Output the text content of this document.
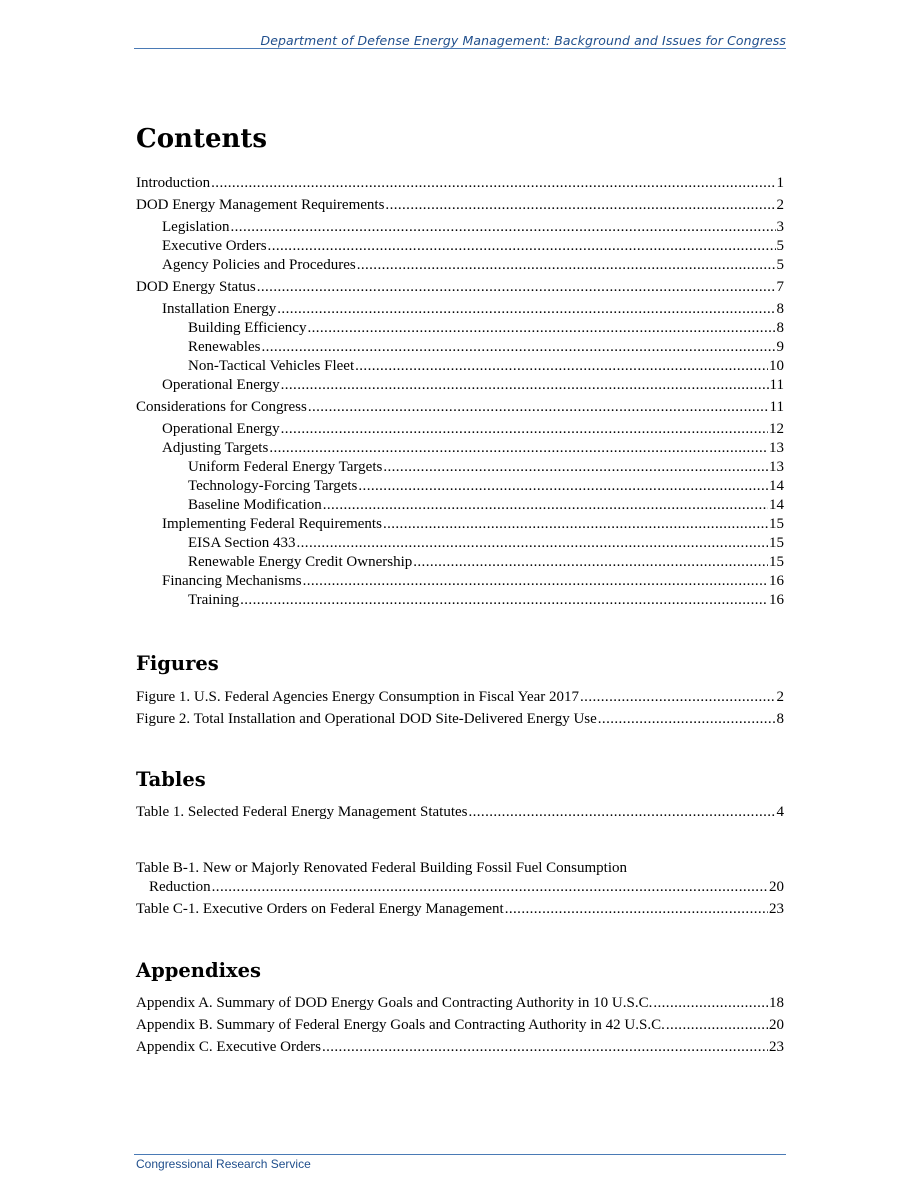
Department of Defense Energy Management: Background and Issues for Congress
Contents
Introduction .....	1
DOD Energy Management Requirements .....	2
Legislation .....	3
Executive Orders .....	5
Agency Policies and Procedures .....	5
DOD Energy Status .....	7
Installation Energy .....	8
Building Efficiency .....	8
Renewables .....	9
Non-Tactical Vehicles Fleet .....	10
Operational Energy .....	11
Considerations for Congress .....	11
Operational Energy .....	12
Adjusting Targets .....	13
Uniform Federal Energy Targets .....	13
Technology-Forcing Targets .....	14
Baseline Modification .....	14
Implementing Federal Requirements .....	15
EISA Section 433 .....	15
Renewable Energy Credit Ownership .....	15
Financing Mechanisms .....	16
Training .....	16
Figures
Figure 1. U.S. Federal Agencies Energy Consumption in Fiscal Year 2017 .....	2
Figure 2. Total Installation and Operational DOD Site-Delivered Energy Use .....	8
Tables
Table 1. Selected Federal Energy Management Statutes .....	4
Table B-1. New or Majorly Renovated Federal Building Fossil Fuel Consumption
Reduction .....	20
Table C-1. Executive Orders on Federal Energy Management .....	23
Appendixes
Appendix A. Summary of DOD Energy Goals and Contracting Authority in 10 U.S.C. .....	18
Appendix B. Summary of Federal Energy Goals and Contracting Authority in 42 U.S.C. .....	20
Appendix C. Executive Orders .....	23
Congressional Research Service
